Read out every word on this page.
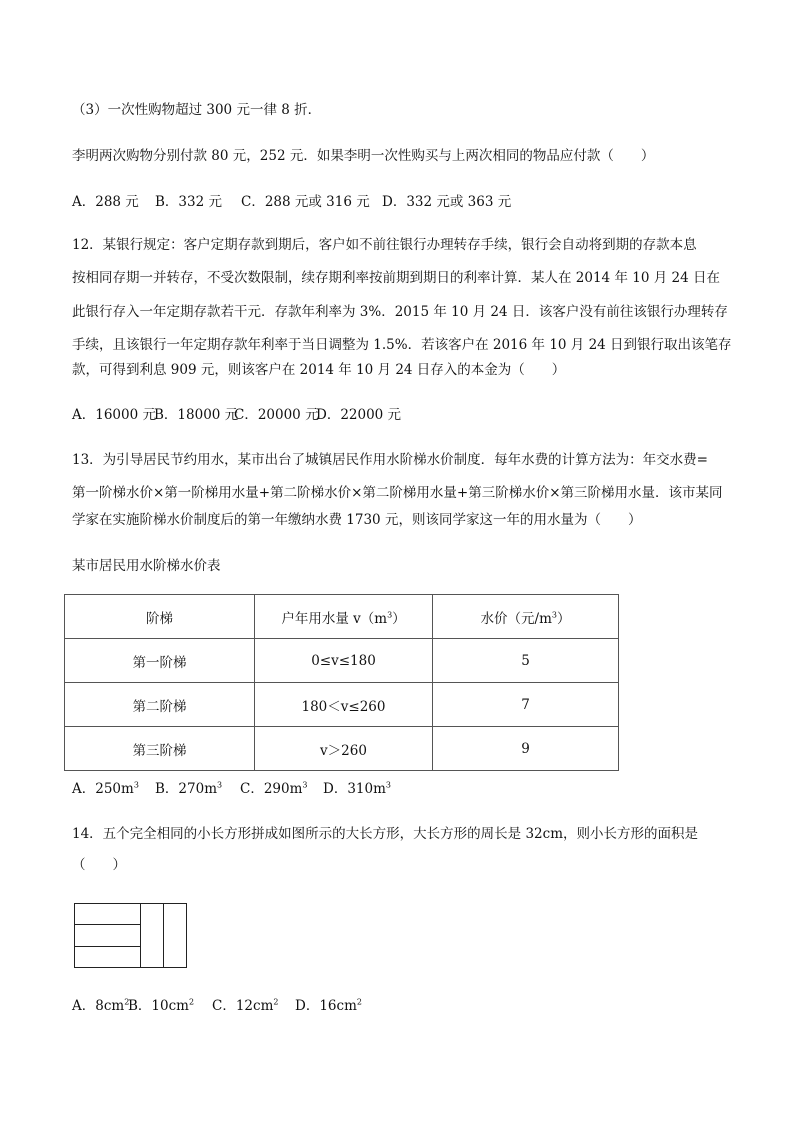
（3）一次性购物超过 300 元一律 8 折．
李明两次购物分别付款 80 元，252 元．如果李明一次性购买与上两次相同的物品应付款（　　）
A．288 元 B．332 元 C．288 元或 316 元 D．332 元或 363 元
12．某银行规定：客户定期存款到期后，客户如不前往银行办理转存手续，银行会自动将到期的存款本息
按相同存期一并转存，不受次数限制，续存期利率按前期到期日的利率计算．某人在 2014 年 10 月 24 日在
此银行存入一年定期存款若干元．存款年利率为 3%．2015 年 10 月 24 日．该客户没有前往该银行办理转存
手续，且该银行一年定期存款年利率于当日调整为 1.5%．若该客户在 2016 年 10 月 24 日到银行取出该笔存
款，可得到利息 909 元，则该客户在 2014 年 10 月 24 日存入的本金为（　　）
A．16000 元B．18000 元C．20000 元D．22000 元
13．为引导居民节约用水，某市出台了城镇居民作用水阶梯水价制度．每年水费的计算方法为：年交水费=
第一阶梯水价×第一阶梯用水量+第二阶梯水价×第二阶梯用水量+第三阶梯水价×第三阶梯用水量．该市某同
学家在实施阶梯水价制度后的第一年缴纳水费 1730 元，则该同学家这一年的用水量为（　　）
某市居民用水阶梯水价表
阶梯	户年用水量 $v(m^3)$	水价（元$/m^3$）
第一阶梯	0≤v≤180	5
第二阶梯	180＜v≤260	7
第三阶梯	v＞260	9
A．$250m^3$ B．$270m^3$ C．$290m^3$ D．$310m^3$
14．五个完全相同的小长方形拼成如图所示的大长方形，大长方形的周长是 32cm，则小长方形的面积是
（　　）
A．$8cm^2B$．$10cm^2$ C．$12cm^2$ D．$16cm^2$
